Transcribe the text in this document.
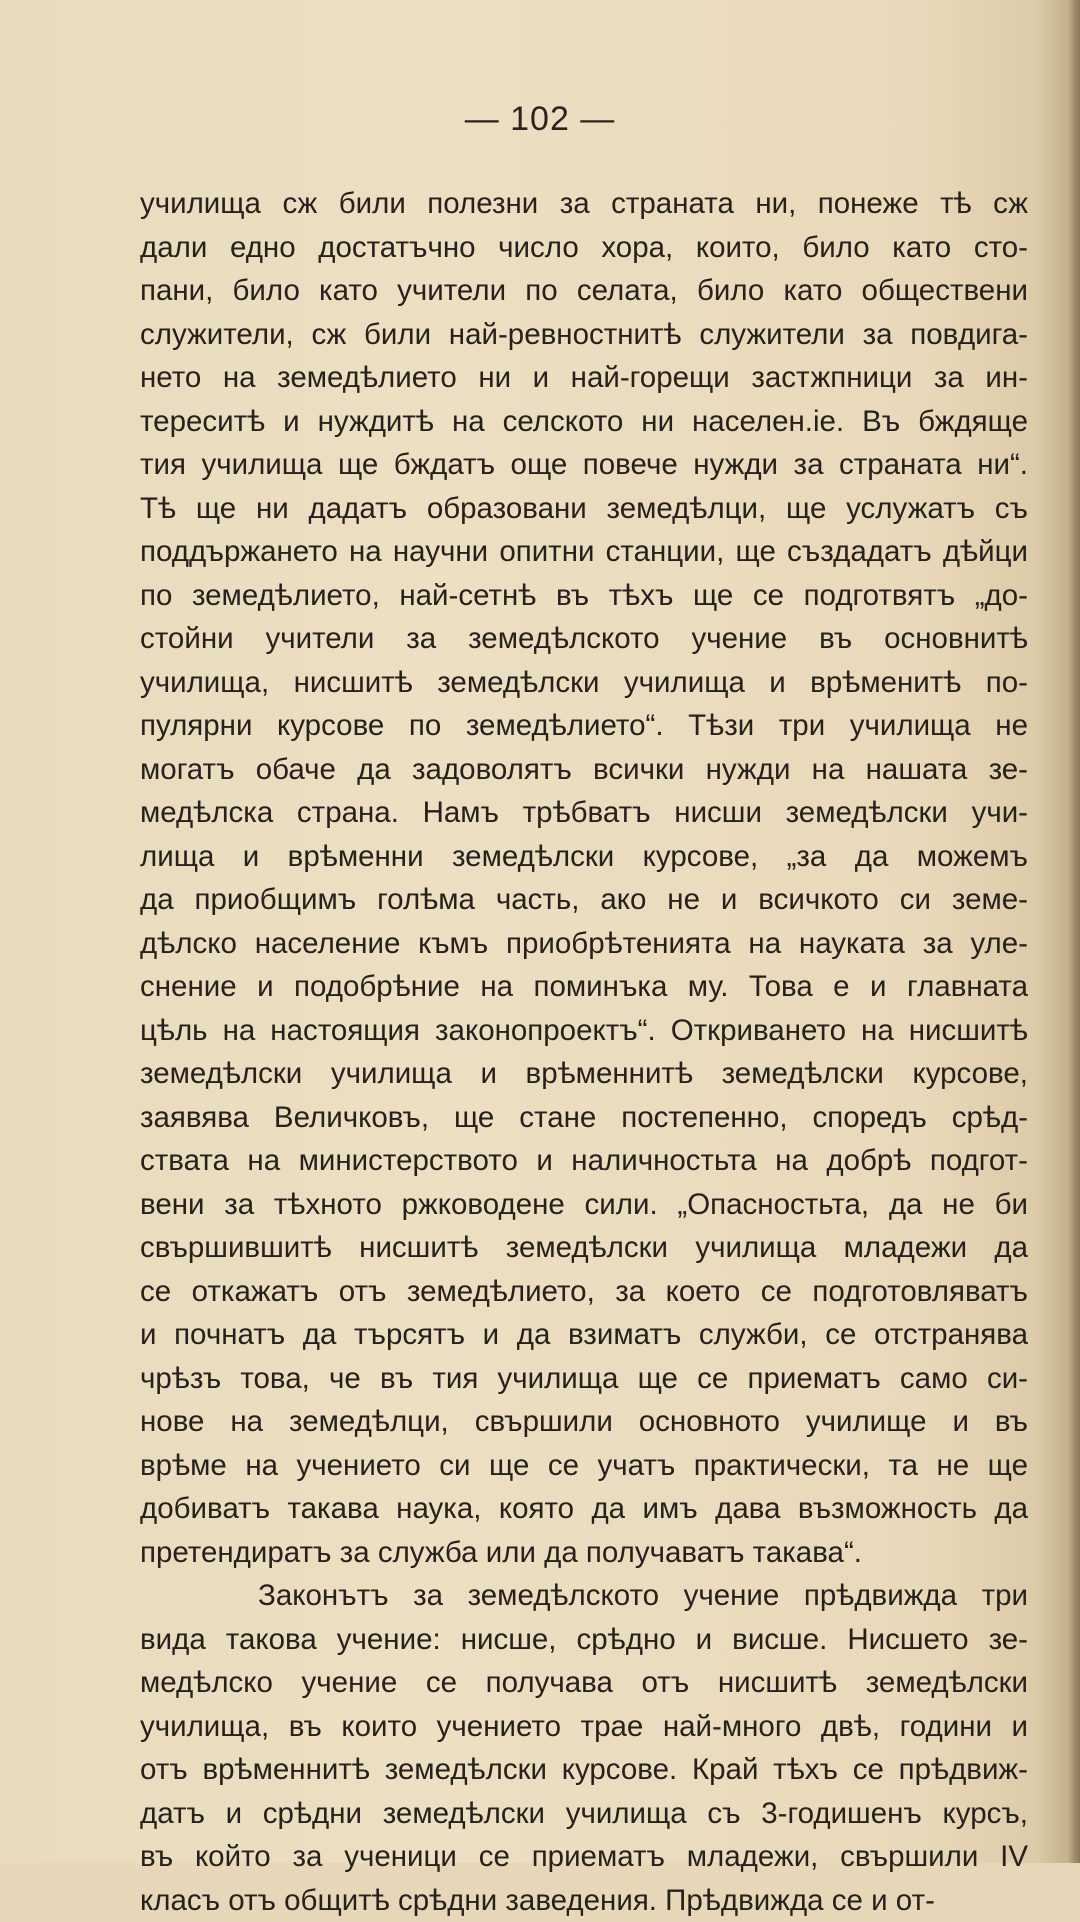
— 102 —
училища сж били полезни за страната ни, понеже тѣ сж
дали едно достатъчно число хора, които, било като сто-
пани, било като учители по селата, било като обществени
служители, сж били най-ревностнитѣ служители за повдига-
нето на земедѣлието ни и най-горещи застжпници за ин-
тереситѣ и нуждитѣ на селското ни населен.ie. Въ бждяще
тия училища ще бждатъ още повече нужди за страната ни“.
Тѣ ще ни дадатъ образовани земедѣлци, ще услужатъ съ
поддържането на научни опитни станции, ще създадатъ дѣйци
по земедѣлието, най-сетнѣ въ тѣхъ ще се подготвятъ „до-
стойни учители за земедѣлското учение въ основнитѣ
училища, нисшитѣ земедѣлски училища и врѣменитѣ по-
пулярни курсове по земедѣлието“. Тѣзи три училища не
могатъ обаче да задоволятъ всички нужди на нашата зе-
медѣлска страна. Намъ трѣбватъ нисши земедѣлски учи-
лища и врѣменни земедѣлски курсове, „за да можемъ
да приобщимъ голѣма часть, ако не и всичкото си земе-
дѣлско население къмъ приобрѣтенията на науката за уле-
снение и подобрѣние на поминъка му. Това е и главната
цѣль на настоящия законопроектъ“. Откриването на нисшитѣ
земедѣлски училища и врѣменнитѣ земедѣлски курсове,
заявява Величковъ, ще стане постепенно, споредъ срѣд-
ствата на министерството и наличностьта на добрѣ подгот-
вени за тѣхното ржководене сили. „Опасностьта, да не би
свършившитѣ нисшитѣ земедѣлски училища младежи да
се откажатъ отъ земедѣлието, за което се подготовляватъ
и почнатъ да търсятъ и да взиматъ служби, се отстранява
чрѣзъ това, че въ тия училища ще се приематъ само си-
нове на земедѣлци, свършили основното училище и въ
врѣме на учението си ще се учатъ практически, та не ще
добиватъ такава наука, която да имъ дава възможность да
претендиратъ за служба или да получаватъ такава“.
Законътъ за земедѣлското учение прѣдвижда три
вида такова учение: нисше, срѣдно и висше. Нисшето зе-
медѣлско учение се получава отъ нисшитѣ земедѣлски
училища, въ които учението трае най-много двѣ, години и
отъ врѣменнитѣ земедѣлски курсове. Край тѣхъ се прѣдвиж-
датъ и срѣдни земедѣлски училища съ 3-годишенъ курсъ,
въ който за ученици се приематъ младежи, свършили IV
класъ отъ общитѣ срѣдни заведения. Прѣдвижда се и от-
